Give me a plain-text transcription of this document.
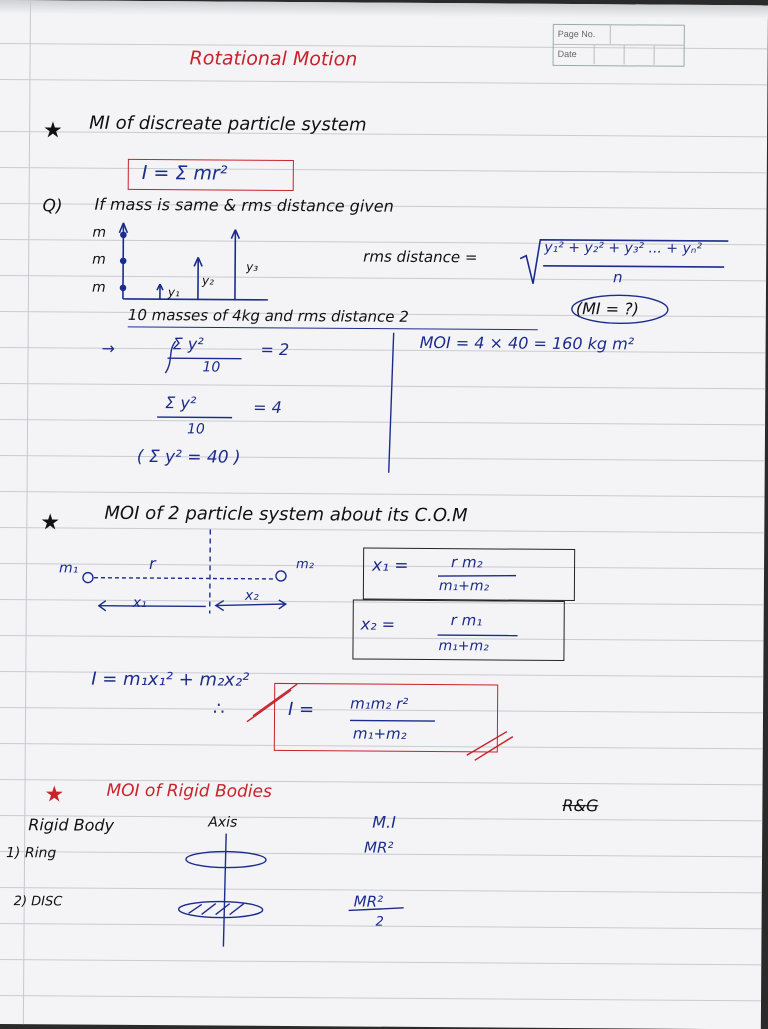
Page No.
Date
Rotational Motion
★ MI of discreate particle system
I = Σ mr²
Q) If mass is same & rms distance given
m
m
m	y₁
y₂
y₃
rms distance =	y₁² + y₂² + y₃² ... + yₙ²
n
10 masses of 4kg and rms distance 2	(MI = ?)
→	Σ y²
10
= 2
Σ y²
10
= 4
( Σ y² = 40 )
MOI = 4 × 40 = 160 kg m²
★ MOI of 2 particle system about its C.O.M
m₁	m₂
r
x₁	x₂
x₁ =	r m₂
m₁+m₂
x₂ =	r m₁
m₁+m₂
I = m₁x₁² + m₂x₂²
∴	I = m₁m₂ r²
m₁+m₂
★ MOI of Rigid Bodies
R&G
Rigid Body	Axis	M.I
1) Ring	MR²
2) DISC	MR²
2
